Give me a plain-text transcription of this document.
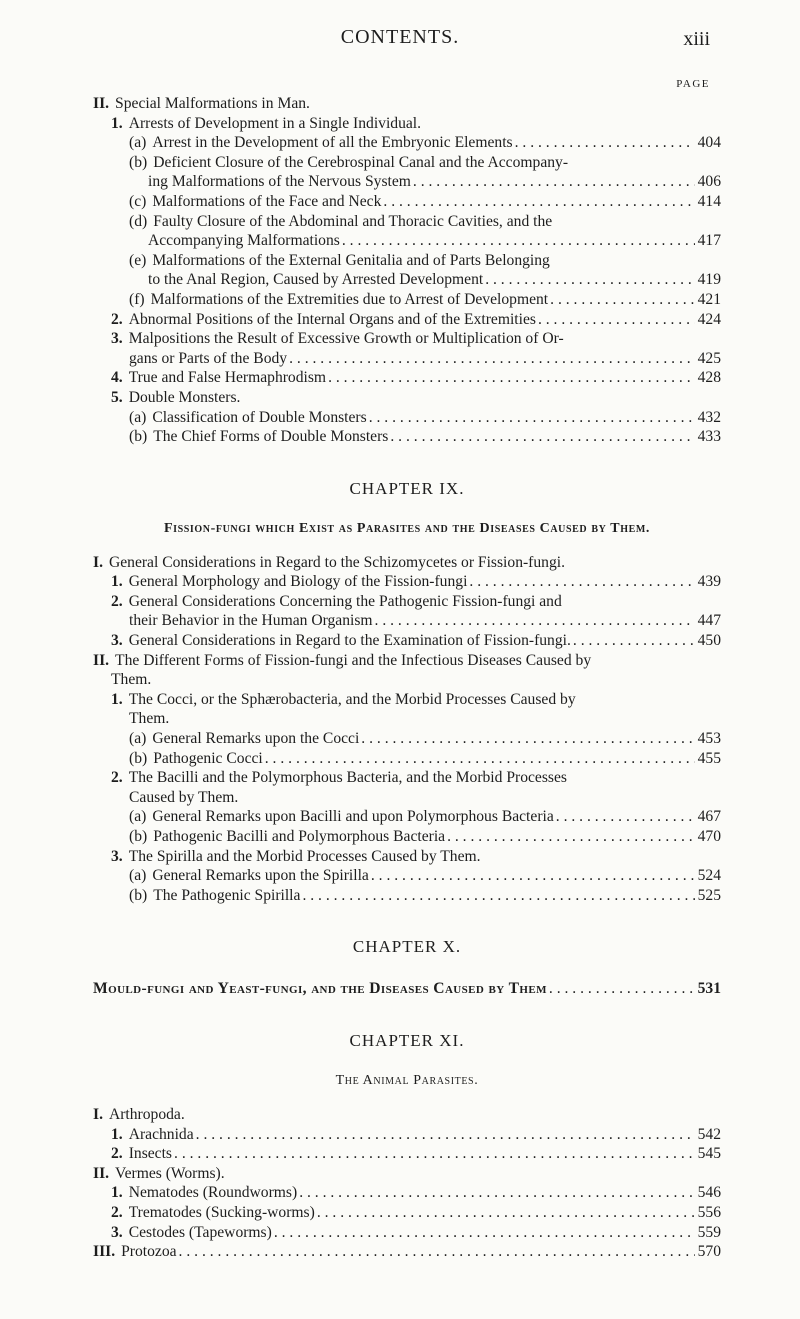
CONTENTS.	xiii
PAGE
II. Special Malformations in Man.
1. Arrests of Development in a Single Individual.
(a) Arrest in the Development of all the Embryonic Elements . . .	404
(b) Deficient Closure of the Cerebrospinal Canal and the Accompany-
ing Malformations of the Nervous System . . .	406
(c) Malformations of the Face and Neck . . .	414
(d) Faulty Closure of the Abdominal and Thoracic Cavities, and the
Accompanying Malformations . . .	417
(e) Malformations of the External Genitalia and of Parts Belonging
to the Anal Region, Caused by Arrested Development . . .	419
(f) Malformations of the Extremities due to Arrest of Development . . .	421
2. Abnormal Positions of the Internal Organs and of the Extremities . . .	424
3. Malpositions the Result of Excessive Growth or Multiplication of Or-
gans or Parts of the Body . . .	425
4. True and False Hermaphrodism . . .	428
5. Double Monsters.
(a) Classification of Double Monsters . . .	432
(b) The Chief Forms of Double Monsters . . .	433
CHAPTER IX.
Fission-fungi which Exist as Parasites and the Diseases Caused by Them.
I. General Considerations in Regard to the Schizomycetes or Fission-fungi.
1. General Morphology and Biology of the Fission-fungi . . .	439
2. General Considerations Concerning the Pathogenic Fission-fungi and
their Behavior in the Human Organism . . .	447
3. General Considerations in Regard to the Examination of Fission-fungi. . . .	450
II. The Different Forms of Fission-fungi and the Infectious Diseases Caused by
Them.
1. The Cocci, or the Sphærobacteria, and the Morbid Processes Caused by
Them.
(a) General Remarks upon the Cocci . . .	453
(b) Pathogenic Cocci . . .	455
2. The Bacilli and the Polymorphous Bacteria, and the Morbid Processes
Caused by Them.
(a) General Remarks upon Bacilli and upon Polymorphous Bacteria . . .	467
(b) Pathogenic Bacilli and Polymorphous Bacteria . . .	470
3. The Spirilla and the Morbid Processes Caused by Them.
(a) General Remarks upon the Spirilla . . .	524
(b) The Pathogenic Spirilla . . .	525
CHAPTER X.
Mould-fungi and Yeast-fungi, and the Diseases Caused by Them . . .	531
CHAPTER XI.
The Animal Parasites.
I. Arthropoda.
1. Arachnida . . .	542
2. Insects . . .	545
II. Vermes (Worms).
1. Nematodes (Roundworms) . . .	546
2. Trematodes (Sucking-worms) . . .	556
3. Cestodes (Tapeworms) . . .	559
III. Protozoa . . .	570
